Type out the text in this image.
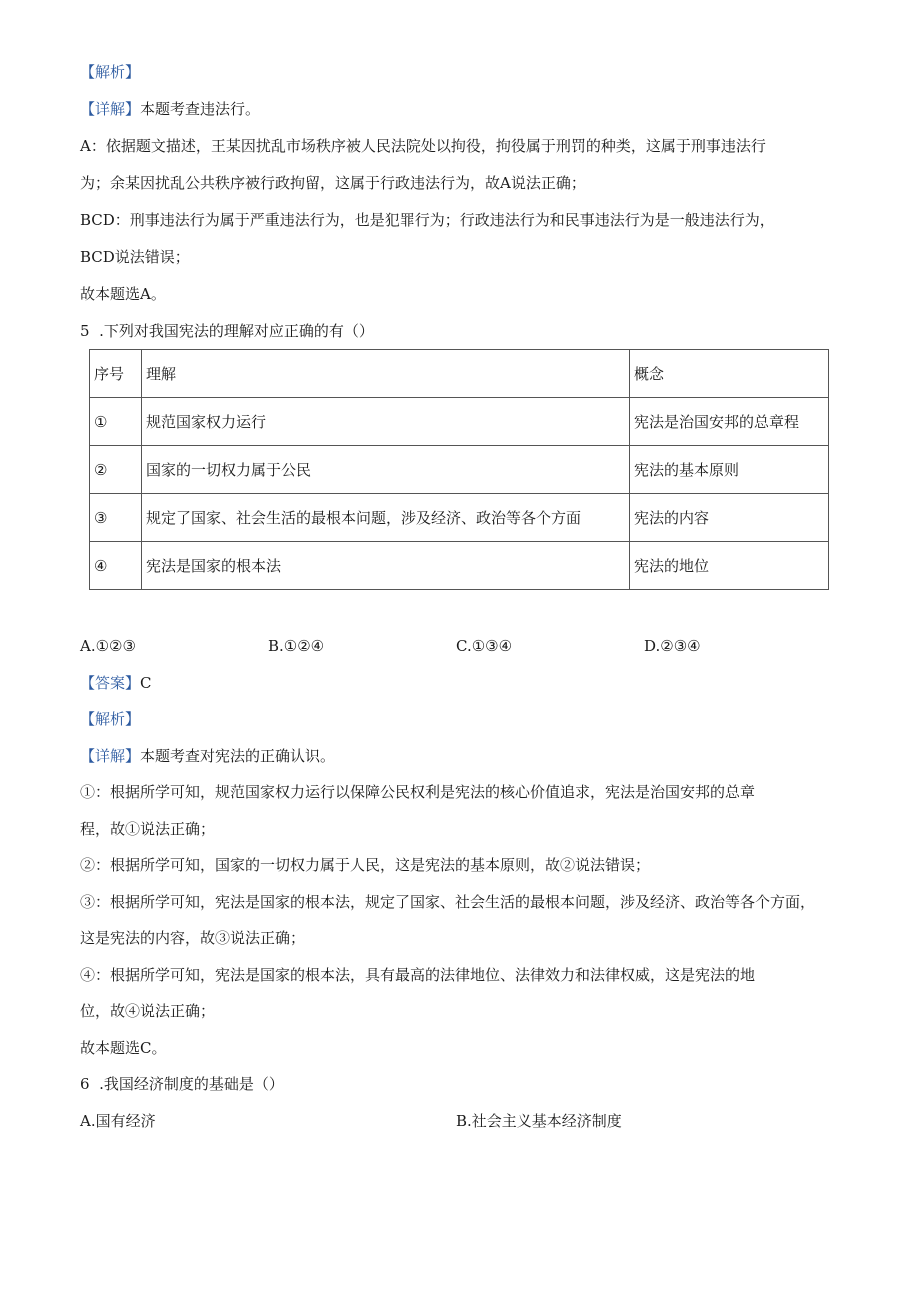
【解析】
【详解】本题考查违法行。
A：依据题文描述，王某因扰乱市场秩序被人民法院处以拘役，拘役属于刑罚的种类，这属于刑事违法行
为；余某因扰乱公共秩序被行政拘留，这属于行政违法行为，故A说法正确；
BCD：刑事违法行为属于严重违法行为，也是犯罪行为；行政违法行为和民事违法行为是一般违法行为，
BCD说法错误；
故本题选A。
5  .下列对我国宪法的理解对应正确的有（）
序号	理解	概念
①	规范国家权力运行	宪法是治国安邦的总章程
②	国家的一切权力属于公民	宪法的基本原则
③	规定了国家、社会生活的最根本问题，涉及经济、政治等各个方面	宪法的内容
④	宪法是国家的根本法	宪法的地位
A.①②③	B.①②④	C.①③④	D.②③④
【答案】C
【解析】
【详解】本题考查对宪法的正确认识。
①：根据所学可知，规范国家权力运行以保障公民权利是宪法的核心价值追求，宪法是治国安邦的总章
程，故①说法正确；
②：根据所学可知，国家的一切权力属于人民，这是宪法的基本原则，故②说法错误；
③：根据所学可知，宪法是国家的根本法，规定了国家、社会生活的最根本问题，涉及经济、政治等各个方面，
这是宪法的内容，故③说法正确；
④：根据所学可知，宪法是国家的根本法，具有最高的法律地位、法律效力和法律权威，这是宪法的地
位，故④说法正确；
故本题选C。
6  .我国经济制度的基础是（）
A.国有经济	B.社会主义基本经济制度
